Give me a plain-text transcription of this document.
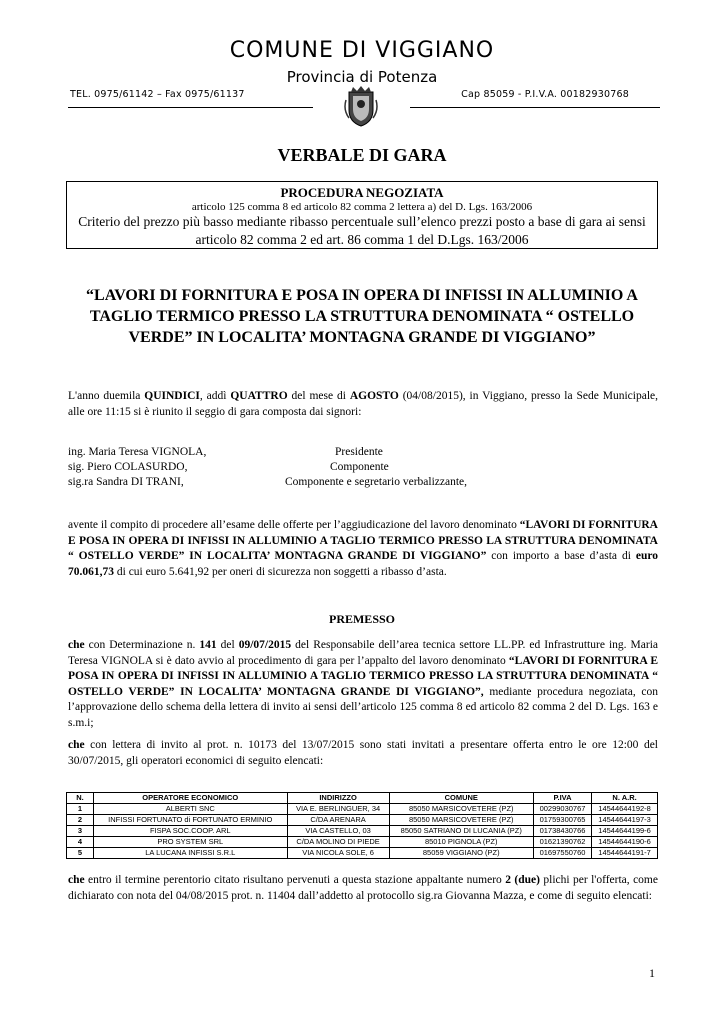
COMUNE DI VIGGIANO
Provincia di Potenza
TEL. 0975/61142 – Fax 0975/61137	Cap 85059 - P.I.V.A. 00182930768
VERBALE DI GARA
PROCEDURA NEGOZIATA
articolo 125 comma 8 ed articolo 82 comma 2 lettera a) del D. Lgs. 163/2006
Criterio del prezzo più basso mediante ribasso percentuale sull’elenco prezzi posto a base di gara ai sensi articolo 82 comma 2 ed art. 86 comma 1 del D.Lgs. 163/2006
“LAVORI DI FORNITURA E POSA IN OPERA DI INFISSI IN ALLUMINIO A TAGLIO TERMICO PRESSO LA STRUTTURA DENOMINATA “ OSTELLO VERDE” IN LOCALITA’ MONTAGNA GRANDE DI VIGGIANO”
L'anno duemila QUINDICI, addì QUATTRO del mese di AGOSTO (04/08/2015), in Viggiano, presso la Sede Municipale, alle ore 11:15 si è riunito il seggio di gara composta dai signori:
ing. Maria Teresa VIGNOLA,	Presidente
sig. Piero COLASURDO,	Componente
sig.ra Sandra DI TRANI,	Componente e segretario verbalizzante,
avente il compito di procedere all’esame delle offerte per l’aggiudicazione del lavoro denominato “LAVORI DI FORNITURA E POSA IN OPERA DI INFISSI IN ALLUMINIO A TAGLIO TERMICO PRESSO LA STRUTTURA DENOMINATA “ OSTELLO VERDE” IN LOCALITA’ MONTAGNA GRANDE DI VIGGIANO” con importo a base d’asta di euro 70.061,73 di cui euro 5.641,92 per oneri di sicurezza non soggetti a ribasso d’asta.
PREMESSO
che con Determinazione n. 141 del 09/07/2015 del Responsabile dell’area tecnica settore LL.PP. ed Infrastrutture ing. Maria Teresa VIGNOLA si è dato avvio al procedimento di gara per l’appalto del lavoro denominato “LAVORI DI FORNITURA E POSA IN OPERA DI INFISSI IN ALLUMINIO A TAGLIO TERMICO PRESSO LA STRUTTURA DENOMINATA “ OSTELLO VERDE” IN LOCALITA’ MONTAGNA GRANDE DI VIGGIANO”, mediante procedura negoziata, con l’approvazione dello schema della lettera di invito ai sensi dell’articolo 125 comma 8 ed articolo 82 comma 2 del D. Lgs. 163 e s.m.i;
che con lettera di invito al prot. n. 10173 del 13/07/2015 sono stati invitati a presentare offerta entro le ore 12:00 del 30/07/2015, gli operatori economici di seguito elencati:
N.	OPERATORE ECONOMICO	INDIRIZZO	COMUNE	P.IVA	N. A.R.
1	ALBERTI SNC	VIA E. BERLINGUER, 34	85050 MARSICOVETERE (PZ)	00299030767	14544644192-8
2	INFISSI FORTUNATO di FORTUNATO ERMINIO	C/DA ARENARA	85050 MARSICOVETERE (PZ)	01759300765	14544644197-3
3	FISPA SOC.COOP. ARL	VIA CASTELLO, 03	85050 SATRIANO DI LUCANIA (PZ)	01738430766	14544644199-6
4	PRO SYSTEM SRL	C/DA MOLINO DI PIEDE	85010 PIGNOLA (PZ)	01621390762	14544644190-6
5	LA LUCANA INFISSI S.R.L	VIA NICOLA SOLE, 6	85059 VIGGIANO (PZ)	01697550760	14544644191-7
che entro il termine perentorio citato risultano pervenuti a questa stazione appaltante numero 2 (due) plichi per l'offerta, come dichiarato con nota del 04/08/2015 prot. n. 11404 dall’addetto al protocollo sig.ra Giovanna Mazza, e come di seguito elencati:
1
